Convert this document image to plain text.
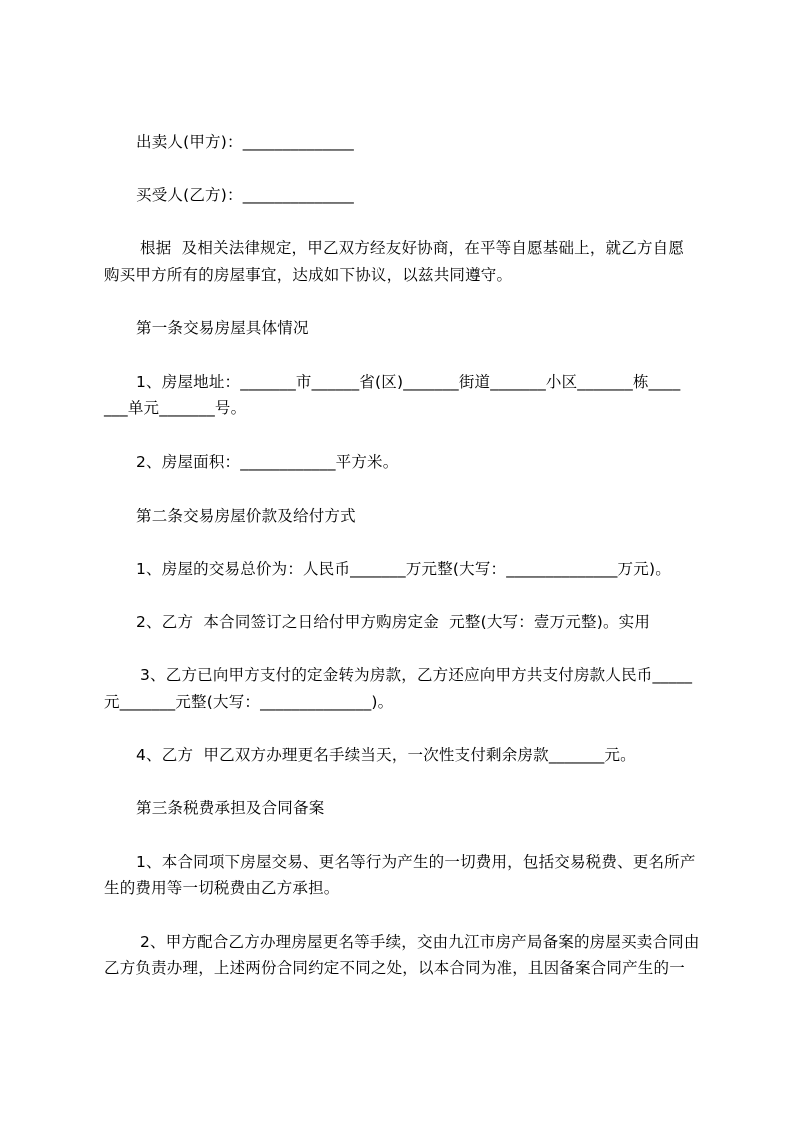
出卖人(甲方)：______________
买受人(乙方)：______________
根据  及相关法律规定，甲乙双方经友好协商，在平等自愿基础上，就乙方自愿
购买甲方所有的房屋事宜，达成如下协议，以兹共同遵守。
第一条交易房屋具体情况
1、房屋地址：_______市______省(区)_______街道_______小区_______栋____
___单元_______号。
2、房屋面积：____________平方米。
第二条交易房屋价款及给付方式
1、房屋的交易总价为：人民币_______万元整(大写：______________万元)。
2、乙方  本合同签订之日给付甲方购房定金  元整(大写：壹万元整)。实用
3、乙方已向甲方支付的定金转为房款，乙方还应向甲方共支付房款人民币_____
元_______元整(大写：______________)。
4、乙方  甲乙双方办理更名手续当天，一次性支付剩余房款_______元。
第三条税费承担及合同备案
1、本合同项下房屋交易、更名等行为产生的一切费用，包括交易税费、更名所产
生的费用等一切税费由乙方承担。
2、甲方配合乙方办理房屋更名等手续，交由九江市房产局备案的房屋买卖合同由
乙方负责办理，上述两份合同约定不同之处，以本合同为准，且因备案合同产生的一
